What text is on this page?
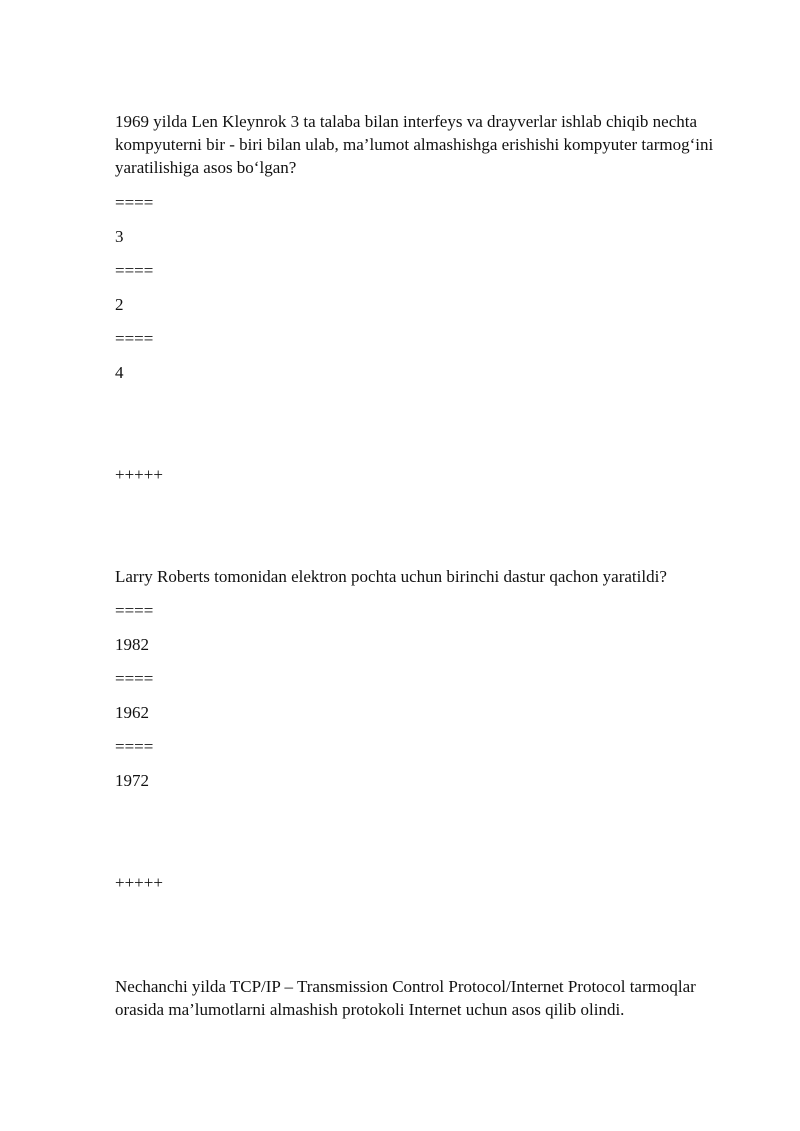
1969 yilda Len Kleynrok 3 ta talaba bilan interfeys va drayverlar ishlab chiqib nechta kompyuterni bir - biri bilan ulab, ma’lumot almashishga erishishi kompyuter tarmog‘ini yaratilishiga asos bo‘lgan?

====

3

====

2

====

4

+++++

Larry Roberts tomonidan elektron pochta uchun birinchi dastur qachon yaratildi?

====

1982

====

1962

====

1972

+++++

Nechanchi yilda TCP/IP – Transmission Control Protocol/Internet Protocol tarmoqlar orasida ma’lumotlarni almashish protokoli Internet uchun asos qilib olindi.
